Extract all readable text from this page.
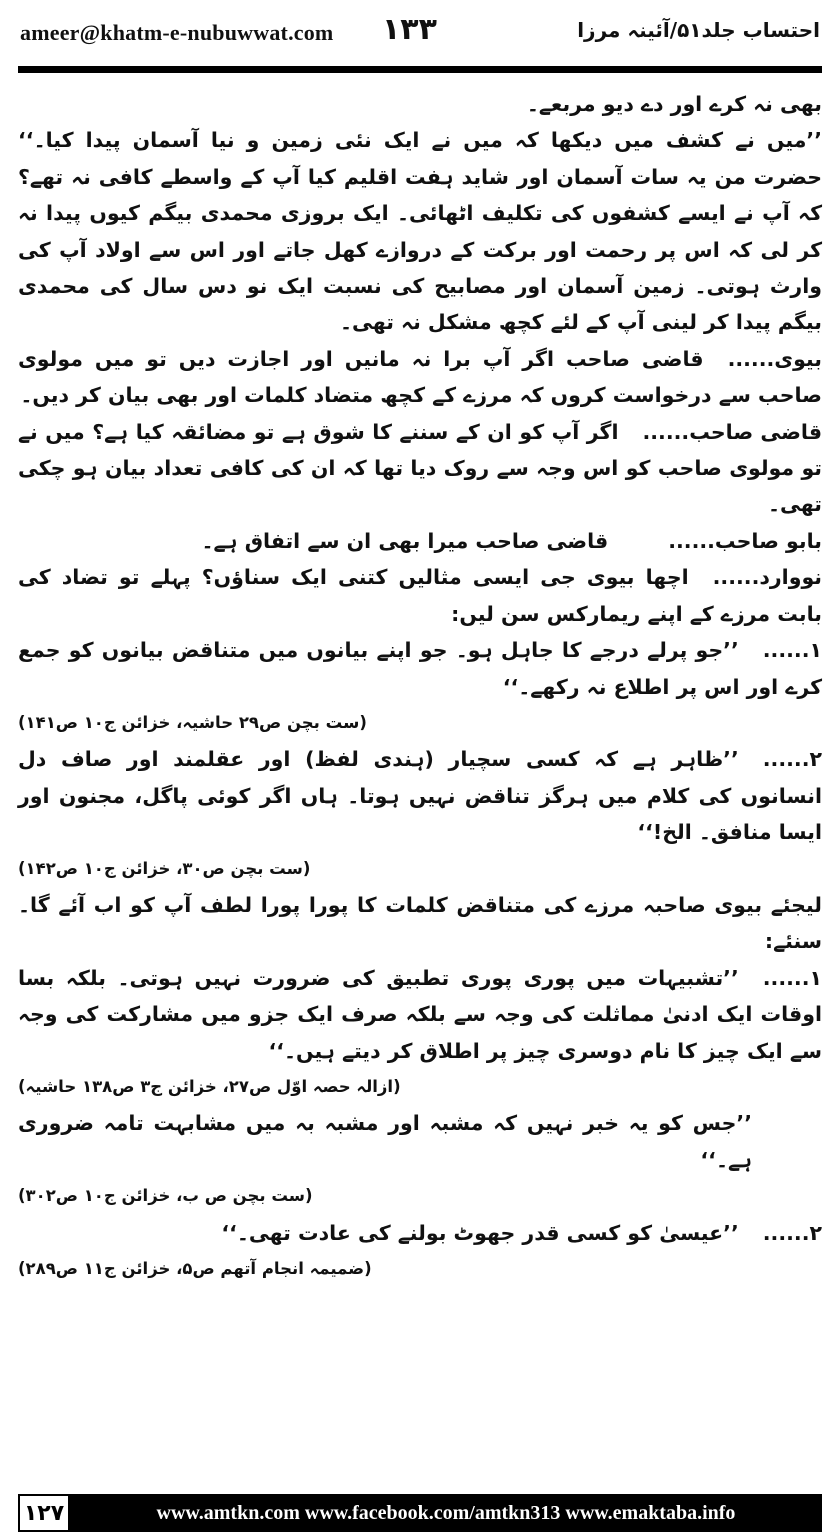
ameer@khatm-e-nubuwwat.com ۱۳۳	احتساب جلد۵۱/آئینہ مرزا

بھی نہ کرے اور دے دیو مربعے۔

’’میں نے کشف میں دیکھا کہ میں نے ایک نئی زمین و نیا آسمان پیدا کیا۔‘‘ حضرت من یہ سات آسمان اور شاید ہفت اقلیم کیا آپ کے واسطے کافی نہ تھے؟ کہ آپ نے ایسے کشفوں کی تکلیف اٹھائی۔ ایک بروزی محمدی بیگم کیوں پیدا نہ کر لی کہ اس پر رحمت اور برکت کے دروازے کھل جاتے اور اس سے اولاد آپ کی وارث ہوتی۔ زمین آسمان اور مصابیح کی نسبت ایک نو دس سال کی محمدی بیگم پیدا کر لینی آپ کے لئے کچھ مشکل نہ تھی۔

بیوی......قاضی صاحب اگر آپ برا نہ مانیں اور اجازت دیں تو میں مولوی صاحب سے درخواست کروں کہ مرزے کے کچھ متضاد کلمات اور بھی بیان کر دیں۔

قاضی صاحب......اگر آپ کو ان کے سننے کا شوق ہے تو مضائقہ کیا ہے؟ میں نے تو مولوی صاحب کو اس وجہ سے روک دیا تھا کہ ان کی کافی تعداد بیان ہو چکی تھی۔

بابو صاحب......قاضی صاحب میرا بھی ان سے اتفاق ہے۔

نووارد......اچھا بیوی جی ایسی مثالیں کتنی ایک سناؤں؟ پہلے تو تضاد کی بابت مرزے کے اپنے ریمارکس سن لیں:

۱......’’جو پرلے درجے کا جاہل ہو۔ جو اپنے بیانوں میں متناقض بیانوں کو جمع کرے اور اس پر اطلاع نہ رکھے۔‘‘

(ست بچن ص۲۹ حاشیہ، خزائن ج۱۰ ص۱۴۱)

۲......’’ظاہر ہے کہ کسی سچیار (ہندی لفظ) اور عقلمند اور صاف دل انسانوں کی کلام میں ہرگز تناقض نہیں ہوتا۔ ہاں اگر کوئی پاگل، مجنون اور ایسا منافق۔ الخ!‘‘

(ست بچن ص۳۰، خزائن ج۱۰ ص۱۴۲)

لیجئے بیوی صاحبہ مرزے کی متناقض کلمات کا پورا پورا لطف آپ کو اب آئے گا۔ سنئے:

۱......’’تشبیہات میں پوری پوری تطبیق کی ضرورت نہیں ہوتی۔ بلکہ بسا اوقات ایک ادنیٰ مماثلت کی وجہ سے بلکہ صرف ایک جزو میں مشارکت کی وجہ سے ایک چیز کا نام دوسری چیز پر اطلاق کر دیتے ہیں۔‘‘

(ازالہ حصہ اوّل ص۲۷، خزائن ج۳ ص۱۳۸ حاشیہ)

’’جس کو یہ خبر نہیں کہ مشبہ اور مشبہ بہ میں مشابہت تامہ ضروری ہے۔‘‘

(ست بچن ص ب، خزائن ج۱۰ ص۳۰۲)

۲......’’عیسیٰ کو کسی قدر جھوٹ بولنے کی عادت تھی۔‘‘

(ضمیمہ انجام آتھم ص۵، خزائن ج۱۱ ص۲۸۹)

۱۲۷	www.amtkn.com www.facebook.com/amtkn313 www.emaktaba.info
